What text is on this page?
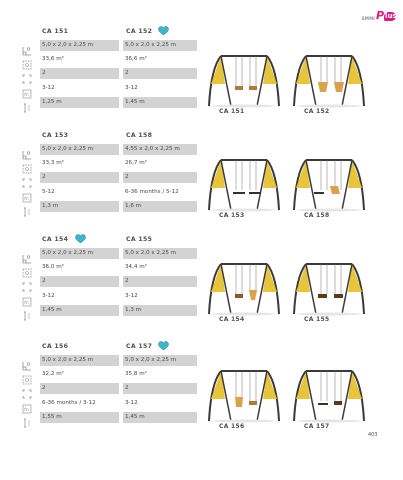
EMMI P lus
CA 151	CA 152
5,0 x 2,0 x 2,25 m	5,0 x 2,0 x 2,25 m
33,6 m²	36,6 m²
2	2
fn
3-12	3-12
1,25 m	1,45 m
CA 151	CA 152
CA 153	CA 158
5,0 x 2,0 x 2,25 m	4,55 x 2,0 x 2,25 m
33,3 m²	26,7 m²
2	2
fn
5-12	6-36 months / 5-12
1,3 m	1,6 m
CA 153	CA 158
CA 154	CA 155
5,0 x 2,0 x 2,25 m	5,0 x 2,0 x 2,25 m
36,0 m²	34,4 m²
2	2
fn
3-12	3-12
1,45 m	1,3 m
CA 154	CA 155
CA 156	CA 157
5,0 x 2,0 x 2,25 m	5,0 x 2,0 x 2,25 m
32,2 m²	35,8 m²
2	2
fn
6-36 months / 3-12	3-12
1,55 m	1,45 m
CA 156	CA 157
403
